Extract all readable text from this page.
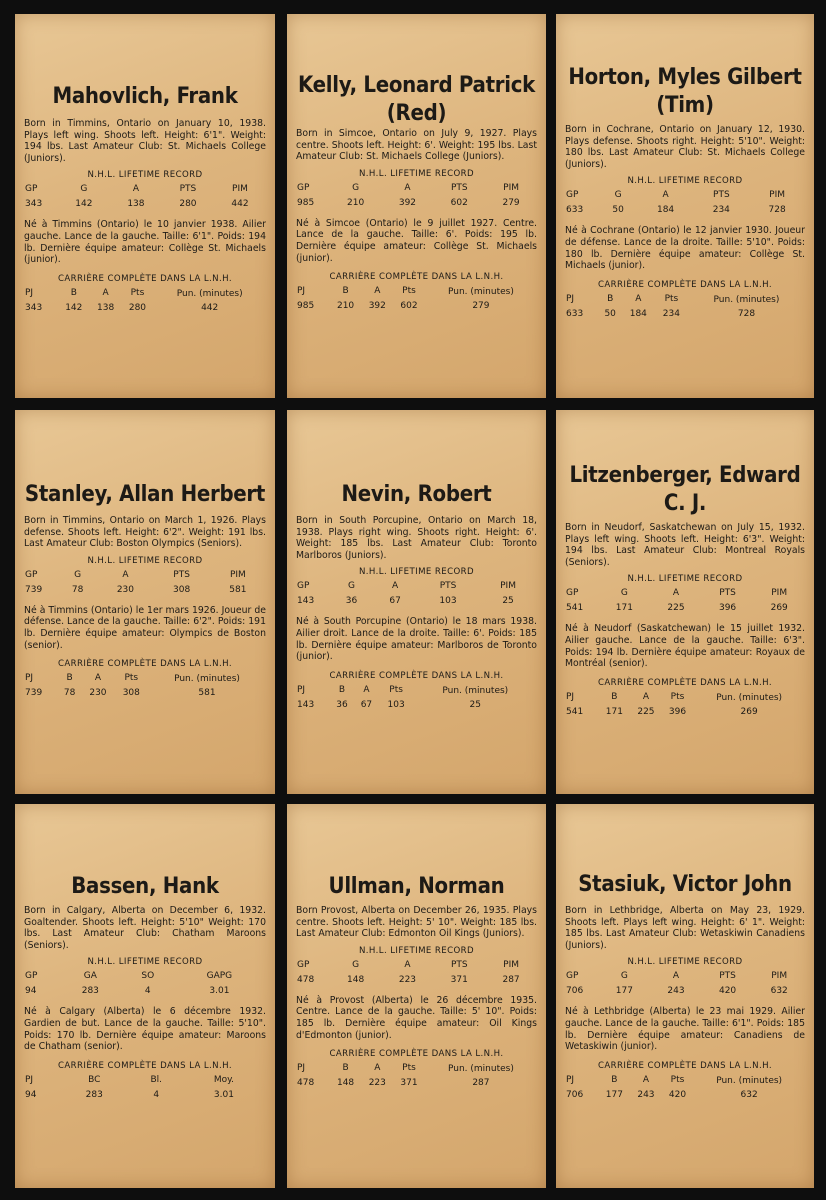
Mahovlich, Frank

Born in Timmins, Ontario on January 10, 1938. Plays left wing. Shoots left. Height: 6'1". Weight: 194 lbs. Last Amateur Club: St. Michaels College (Juniors).

N.H.L. LIFETIME RECORD
GP	G	A	PTS	PIM
343	142	138	280	442

Né à Timmins (Ontario) le 10 janvier 1938. Ailier gauche. Lance de la gauche. Taille: 6'1". Poids: 194 lb. Dernière équipe amateur: Collège St. Michaels (junior).

CARRIÈRE COMPLÈTE DANS LA L.N.H.
PJ	B	A	Pts	Pun. (minutes)
343	142	138	280	442
Kelly, Leonard Patrick (Red)

Born in Simcoe, Ontario on July 9, 1927. Plays centre. Shoots left. Height: 6'. Weight: 195 lbs. Last Amateur Club: St. Michaels College (Juniors).

N.H.L. LIFETIME RECORD
GP	G	A	PTS	PIM
985	210	392	602	279

Né à Simcoe (Ontario) le 9 juillet 1927. Centre. Lance de la gauche. Taille: 6'. Poids: 195 lb. Dernière équipe amateur: Collège St. Michaels (junior).

CARRIÈRE COMPLÈTE DANS LA L.N.H.
PJ	B	A	Pts	Pun. (minutes)
985	210	392	602	279
Horton, Myles Gilbert (Tim)

Born in Cochrane, Ontario on January 12, 1930. Plays defense. Shoots right. Height: 5'10". Weight: 180 lbs. Last Amateur Club: St. Michaels College (Juniors).

N.H.L. LIFETIME RECORD
GP	G	A	PTS	PIM
633	50	184	234	728

Né à Cochrane (Ontario) le 12 janvier 1930. Joueur de défense. Lance de la droite. Taille: 5'10". Poids: 180 lb. Dernière équipe amateur: Collège St. Michaels (junior).

CARRIÈRE COMPLÈTE DANS LA L.N.H.
PJ	B	A	Pts	Pun. (minutes)
633	50	184	234	728
Stanley, Allan Herbert

Born in Timmins, Ontario on March 1, 1926. Plays defense. Shoots left. Height: 6'2". Weight: 191 lbs. Last Amateur Club: Boston Olympics (Seniors).

N.H.L. LIFETIME RECORD
GP	G	A	PTS	PIM
739	78	230	308	581

Né à Timmins (Ontario) le 1er mars 1926. Joueur de défense. Lance de la gauche. Taille: 6'2". Poids: 191 lb. Dernière équipe amateur: Olympics de Boston (senior).

CARRIÈRE COMPLÈTE DANS LA L.N.H.
PJ	B	A	Pts	Pun. (minutes)
739	78	230	308	581
Nevin, Robert

Born in South Porcupine, Ontario on March 18, 1938. Plays right wing. Shoots right. Height: 6'. Weight: 185 lbs. Last Amateur Club: Toronto Marlboros (Juniors).

N.H.L. LIFETIME RECORD
GP	G	A	PTS	PIM
143	36	67	103	25

Né à South Porcupine (Ontario) le 18 mars 1938. Ailier droit. Lance de la droite. Taille: 6'. Poids: 185 lb. Dernière équipe amateur: Marlboros de Toronto (junior).

CARRIÈRE COMPLÈTE DANS LA L.N.H.
PJ	B	A	Pts	Pun. (minutes)
143	36	67	103	25
Litzenberger, Edward C. J.

Born in Neudorf, Saskatchewan on July 15, 1932. Plays left wing. Shoots left. Height: 6'3". Weight: 194 lbs. Last Amateur Club: Montreal Royals (Seniors).

N.H.L. LIFETIME RECORD
GP	G	A	PTS	PIM
541	171	225	396	269

Né à Neudorf (Saskatchewan) le 15 juillet 1932. Ailier gauche. Lance de la gauche. Taille: 6'3". Poids: 194 lb. Dernière équipe amateur: Royaux de Montréal (senior).

CARRIÈRE COMPLÈTE DANS LA L.N.H.
PJ	B	A	Pts	Pun. (minutes)
541	171	225	396	269
Bassen, Hank

Born in Calgary, Alberta on December 6, 1932. Goaltender. Shoots left. Height: 5'10" Weight: 170 lbs. Last Amateur Club: Chatham Maroons (Seniors).

N.H.L. LIFETIME RECORD
GP	GA	SO	GAPG
94	283	4	3.01

Né à Calgary (Alberta) le 6 décembre 1932. Gardien de but. Lance de la gauche. Taille: 5'10". Poids: 170 lb. Dernière équipe amateur: Maroons de Chatham (senior).

CARRIÈRE COMPLÈTE DANS LA L.N.H.
PJ	BC	Bl.	Moy.
94	283	4	3.01
Ullman, Norman

Born Provost, Alberta on December 26, 1935. Plays centre. Shoots left. Height: 5' 10". Weight: 185 lbs. Last Amateur Club: Edmonton Oil Kings (Juniors).

N.H.L. LIFETIME RECORD
GP	G	A	PTS	PIM
478	148	223	371	287

Né à Provost (Alberta) le 26 décembre 1935. Centre. Lance de la gauche. Taille: 5' 10". Poids: 185 lb. Dernière équipe amateur: Oil Kings d'Edmonton (junior).

CARRIÈRE COMPLÈTE DANS LA L.N.H.
PJ	B	A	Pts	Pun. (minutes)
478	148	223	371	287
Stasiuk, Victor John

Born in Lethbridge, Alberta on May 23, 1929. Shoots left. Plays left wing. Height: 6' 1". Weight: 185 lbs. Last Amateur Club: Wetaskiwin Canadiens (Juniors).

N.H.L. LIFETIME RECORD
GP	G	A	PTS	PIM
706	177	243	420	632

Né à Lethbridge (Alberta) le 23 mai 1929. Ailier gauche. Lance de la gauche. Taille: 6'1". Poids: 185 lb. Dernière équipe amateur: Canadiens de Wetaskiwin (junior).

CARRIÈRE COMPLÈTE DANS LA L.N.H.
PJ	B	A	Pts	Pun. (minutes)
706	177	243	420	632
